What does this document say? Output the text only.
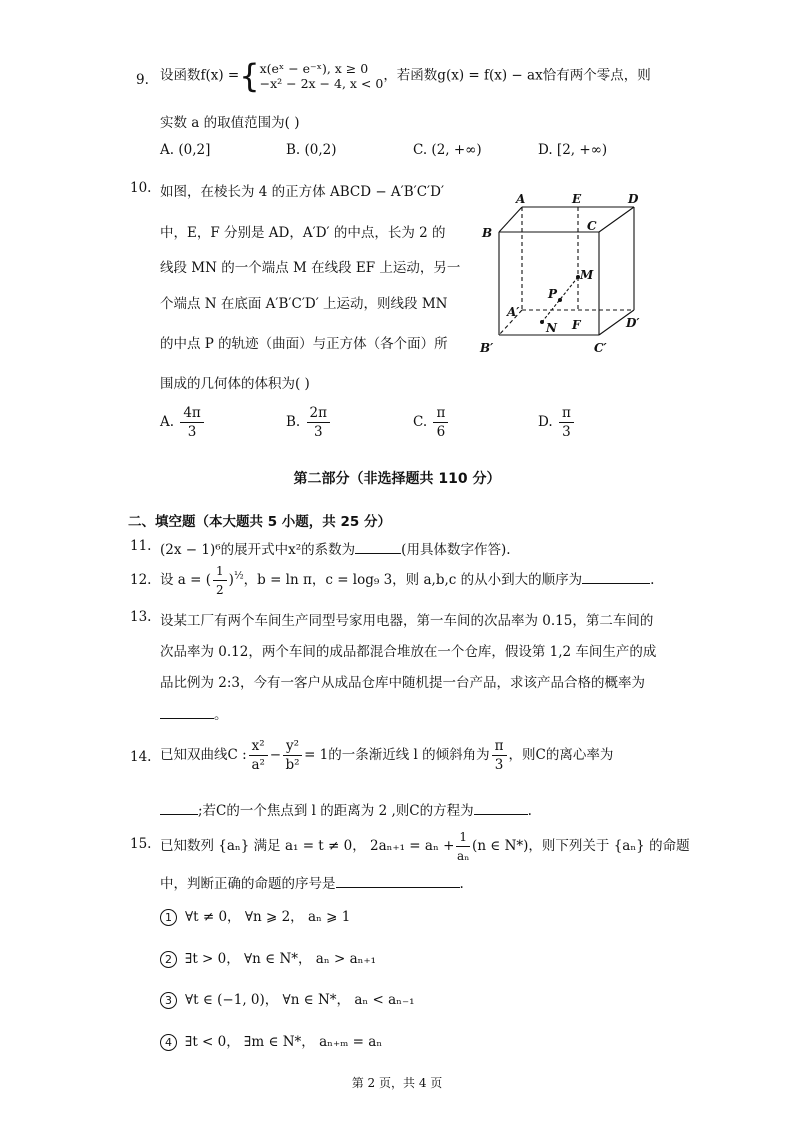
9. 设函数f(x) ={ x(eˣ − e⁻ˣ), x ≥ 0
−x² − 2x − 4, x < 0 ，若函数g(x) = f(x) − ax恰有两个零点，则
实数 a 的取值范围为( )
A. (0,2]	B. (0,2)	C. (2, +∞)	D. [2, +∞)
10. 如图，在棱长为 4 的正方体 ABCD − A′B′C′D′
中，E，F 分别是 AD，A′D′ 的中点，长为 2 的
线段 MN 的一个端点 M 在线段 EF 上运动，另一
个端点 N 在底面 A′B′C′D′ 上运动，则线段 MN
的中点 P 的轨迹（曲面）与正方体（各个面）所
围成的几何体的体积为( )
A	E	D
B	C
M
P
A′
N F	D′
B′	C′
A. $\frac{4\pi}{3}$	B. $\frac{2\pi}{3}$	C. $\frac{\pi}{6}$	D. $\frac{\pi}{3}$
第二部分（非选择题共 110 分）
二、填空题（本大题共 5 小题，共 25 分）
11. (2x − 1)⁶的展开式中x²的系数为	(用具体数字作答).
12. 设 a = ( $\frac{1}{2} )^{\frac{1}{2}}$，b = ln π，c = log₉ 3，则 a,b,c 的从小到大的顺序为	.
13. 设某工厂有两个车间生产同型号家用电器，第一车间的次品率为 0.15，第二车间的
次品率为 0.12，两个车间的成品都混合堆放在一个仓库，假设第 1,2 车间生产的成
品比例为 2:3，今有一客户从成品仓库中随机提一台产品，求该产品合格的概率为
。
14. 已知双曲线C : $\frac{\text{x²}}{\text{a²}} - \frac{\text{y²}}{\text{b²}} = 1$的一条渐近线 l 的倾斜角为 $\frac{\pi}{3}$ ，则C的离心率为
;若C的一个焦点到 l 的距离为 2 ,则C的方程为	.
15. 已知数列 {aₙ} 满足 a₁ = t ≠ 0， $2a_{n+1} = a_n + \frac{1}{\text{aₙ}} (n$ ∈ N*)，则下列关于 {aₙ} 的命题
中，判断正确的命题的序号是	.
1 ∀t ≠ 0， ∀n ⩾ 2， aₙ ⩾ 1
2 ∃t > 0， ∀n ∈ N*， aₙ > aₙ₊₁
3 ∀t ∈ (−1, 0)， ∀n ∈ N*， aₙ < aₙ₋₁
4 ∃t < 0， ∃m ∈ N*， aₙ₊ₘ = aₙ
第 2 页，共 4 页
